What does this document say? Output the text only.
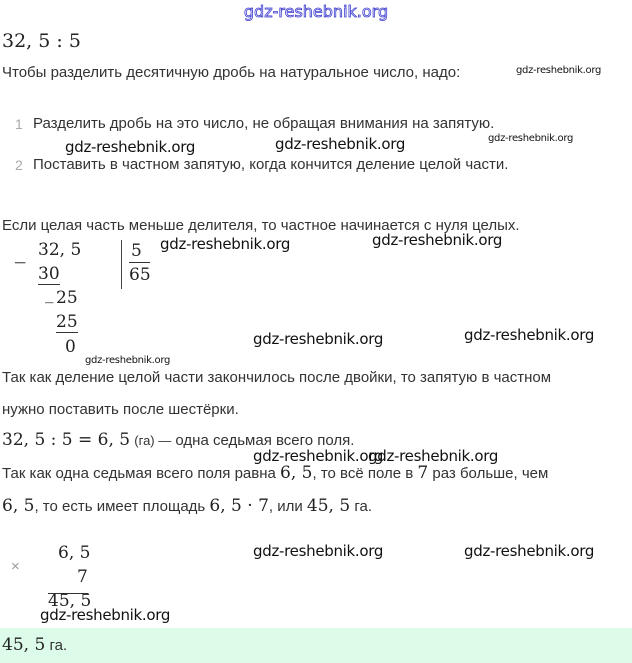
gdz-reshebnik.org
32, 5 : 5
Чтобы разделить десятичную дробь на натуральное число, надо:
1 Разделить дробь на это число, не обращая внимания на запятую.
2 Поставить в частном запятую, когда кончится деление целой части.
Если целая часть меньше делителя, то частное начинается с нуля целых.
−
32, 5
30
_ 25
25
0
5
65
Так как деление целой части закончилось после двойки, то запятую в частном
нужно поставить после шестёрки.
32, 5 : 5 = 6, 5 (га) — одна седьмая всего поля.
Так как одна седьмая всего поля равна 6, 5, то всё поле в 7 раз больше, чем
6, 5, то есть имеет площадь 6, 5 · 7, или 45, 5 га.
×
6, 5
7
45, 5
45, 5 га.
gdz-reshebnik.org
gdz-reshebnik.org	gdz-reshebnik.org	gdz-reshebnik.org
gdz-reshebnik.org	gdz-reshebnik.org
gdz-reshebnik.org
gdz-reshebnik.org	gdz-reshebnik.org
gdz-reshebnik.org
gdz-reshebnik.org
gdz-reshebnik.org	gdz-reshebnik.org
gdz-reshebnik.org
